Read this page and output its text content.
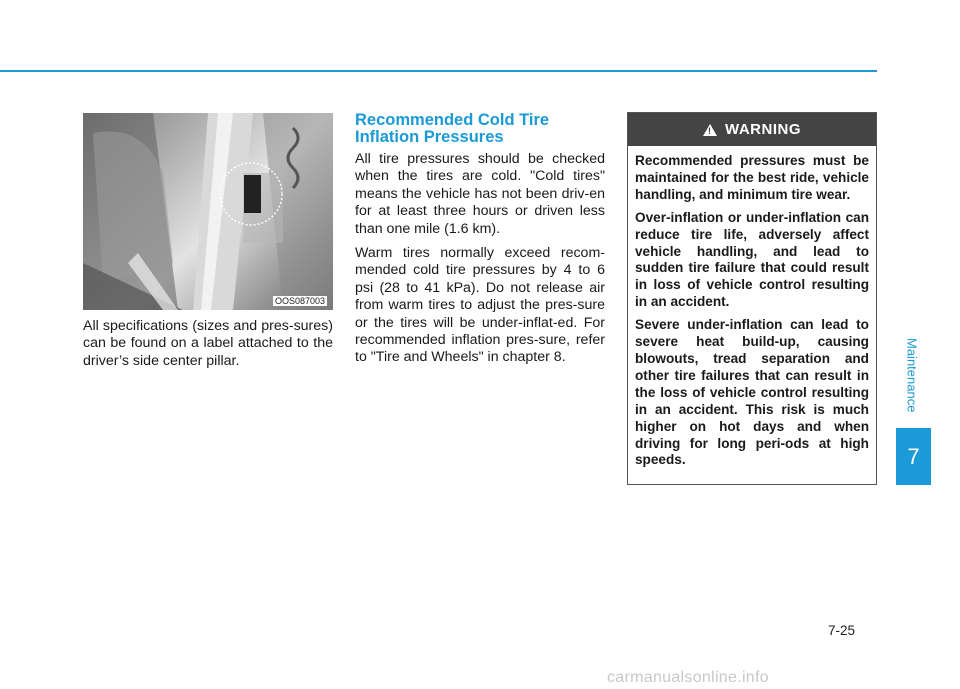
OOS087003
All specifications (sizes and pres-sures) can be found on a label attached to the driver’s side center pillar.
Recommended Cold Tire Inflation Pressures
All tire pressures should be checked when the tires are cold. "Cold tires" means the vehicle has not been driv-en for at least three hours or driven less than one mile (1.6 km).
Warm tires normally exceed recom-mended cold tire pressures by 4 to 6 psi (28 to 41 kPa). Do not release air from warm tires to adjust the pres-sure or the tires will be under-inflat-ed. For recommended inflation pres-sure, refer to "Tire and Wheels" in chapter 8.
! WARNING

Recommended pressures must be maintained for the best ride, vehicle handling, and minimum tire wear.

Over-inflation or under-inflation can reduce tire life, adversely affect vehicle handling, and lead to sudden tire failure that could result in loss of vehicle control resulting in an accident.

Severe under-inflation can lead to severe heat build-up, causing blowouts, tread separation and other tire failures that can result in the loss of vehicle control resulting in an accident. This risk is much higher on hot days and when driving for long peri-ods at high speeds.

Maintenance
7
7-25
carmanualsonline.info
